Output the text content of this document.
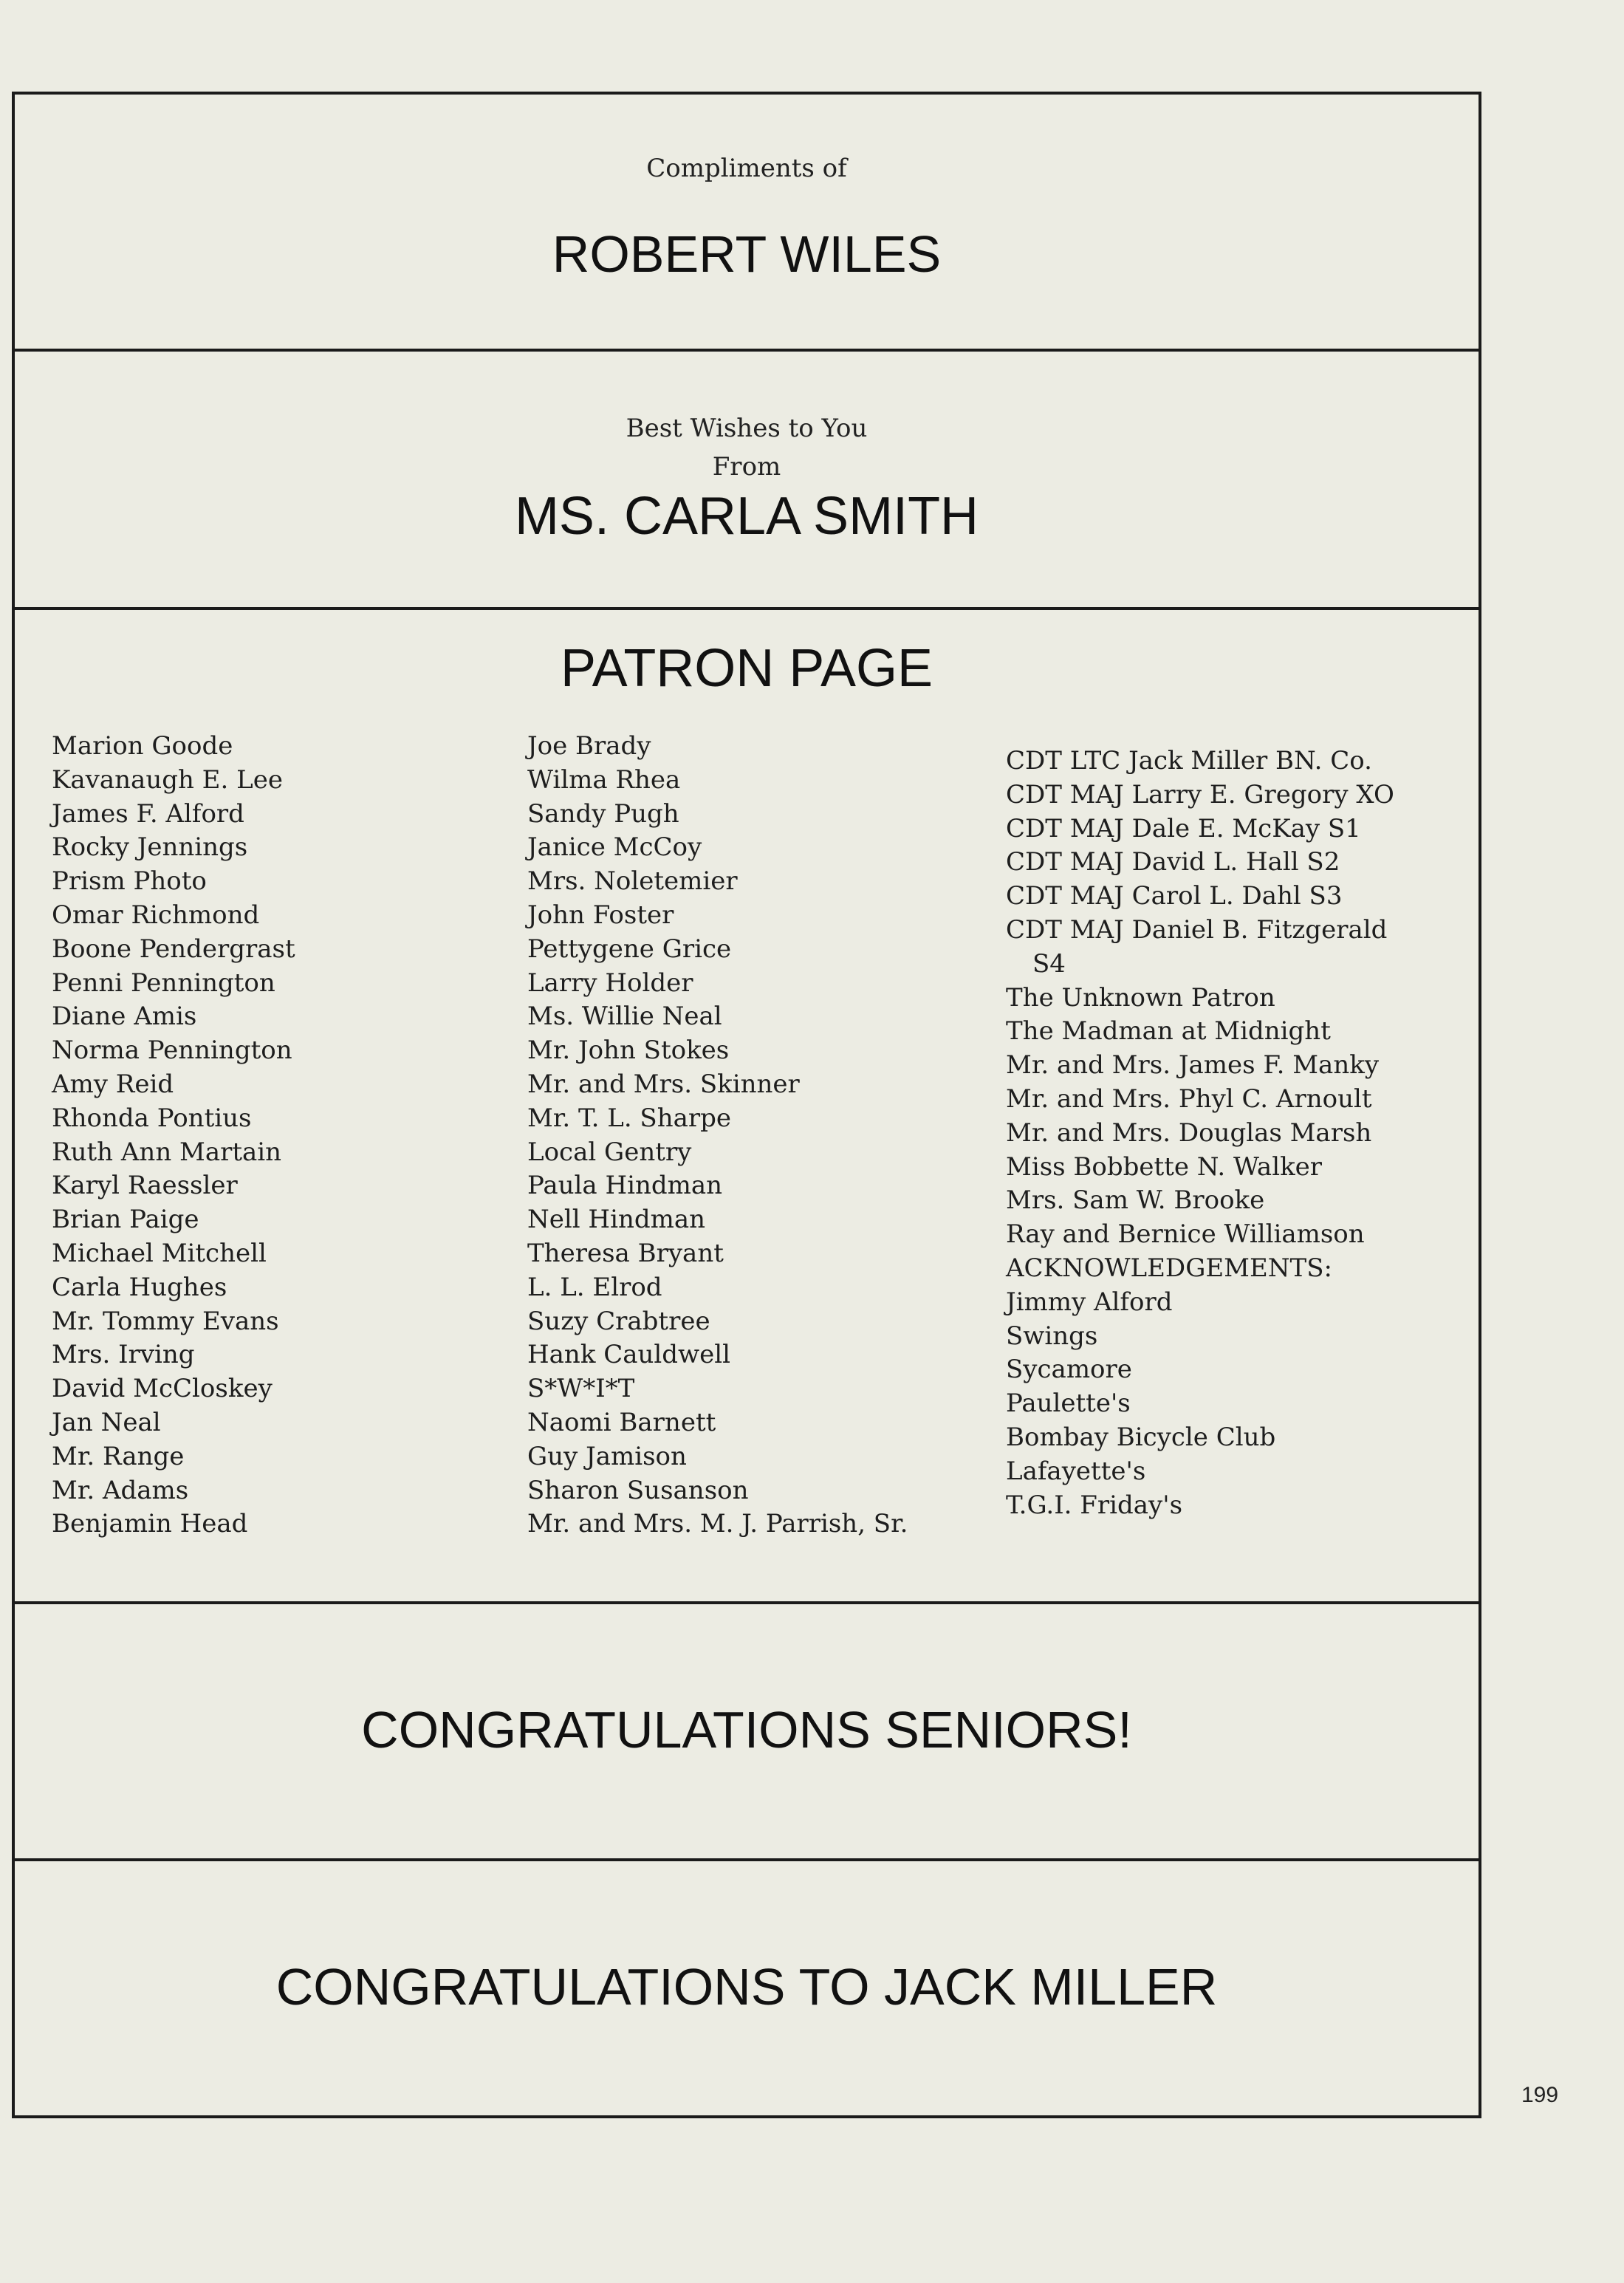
Compliments of
ROBERT WILES
Best Wishes to You
From
MS. CARLA SMITH
PATRON PAGE
Marion Goode
Kavanaugh E. Lee
James F. Alford
Rocky Jennings
Prism Photo
Omar Richmond
Boone Pendergrast
Penni Pennington
Diane Amis
Norma Pennington
Amy Reid
Rhonda Pontius
Ruth Ann Martain
Karyl Raessler
Brian Paige
Michael Mitchell
Carla Hughes
Mr. Tommy Evans
Mrs. Irving
David McCloskey
Jan Neal
Mr. Range
Mr. Adams
Benjamin Head
Joe Brady
Wilma Rhea
Sandy Pugh
Janice McCoy
Mrs. Noletemier
John Foster
Pettygene Grice
Larry Holder
Ms. Willie Neal
Mr. John Stokes
Mr. and Mrs. Skinner
Mr. T. L. Sharpe
Local Gentry
Paula Hindman
Nell Hindman
Theresa Bryant
L. L. Elrod
Suzy Crabtree
Hank Cauldwell
S*W*I*T
Naomi Barnett
Guy Jamison
Sharon Susanson
Mr. and Mrs. M. J. Parrish, Sr.
CDT LTC Jack Miller BN. Co.
CDT MAJ Larry E. Gregory XO
CDT MAJ Dale E. McKay S1
CDT MAJ David L. Hall S2
CDT MAJ Carol L. Dahl S3
CDT MAJ Daniel B. Fitzgerald
S4
The Unknown Patron
The Madman at Midnight
Mr. and Mrs. James F. Manky
Mr. and Mrs. Phyl C. Arnoult
Mr. and Mrs. Douglas Marsh
Miss Bobbette N. Walker
Mrs. Sam W. Brooke
Ray and Bernice Williamson
ACKNOWLEDGEMENTS:
Jimmy Alford
Swings
Sycamore
Paulette's
Bombay Bicycle Club
Lafayette's
T.G.I. Friday's
CONGRATULATIONS SENIORS!
CONGRATULATIONS TO JACK MILLER
199
